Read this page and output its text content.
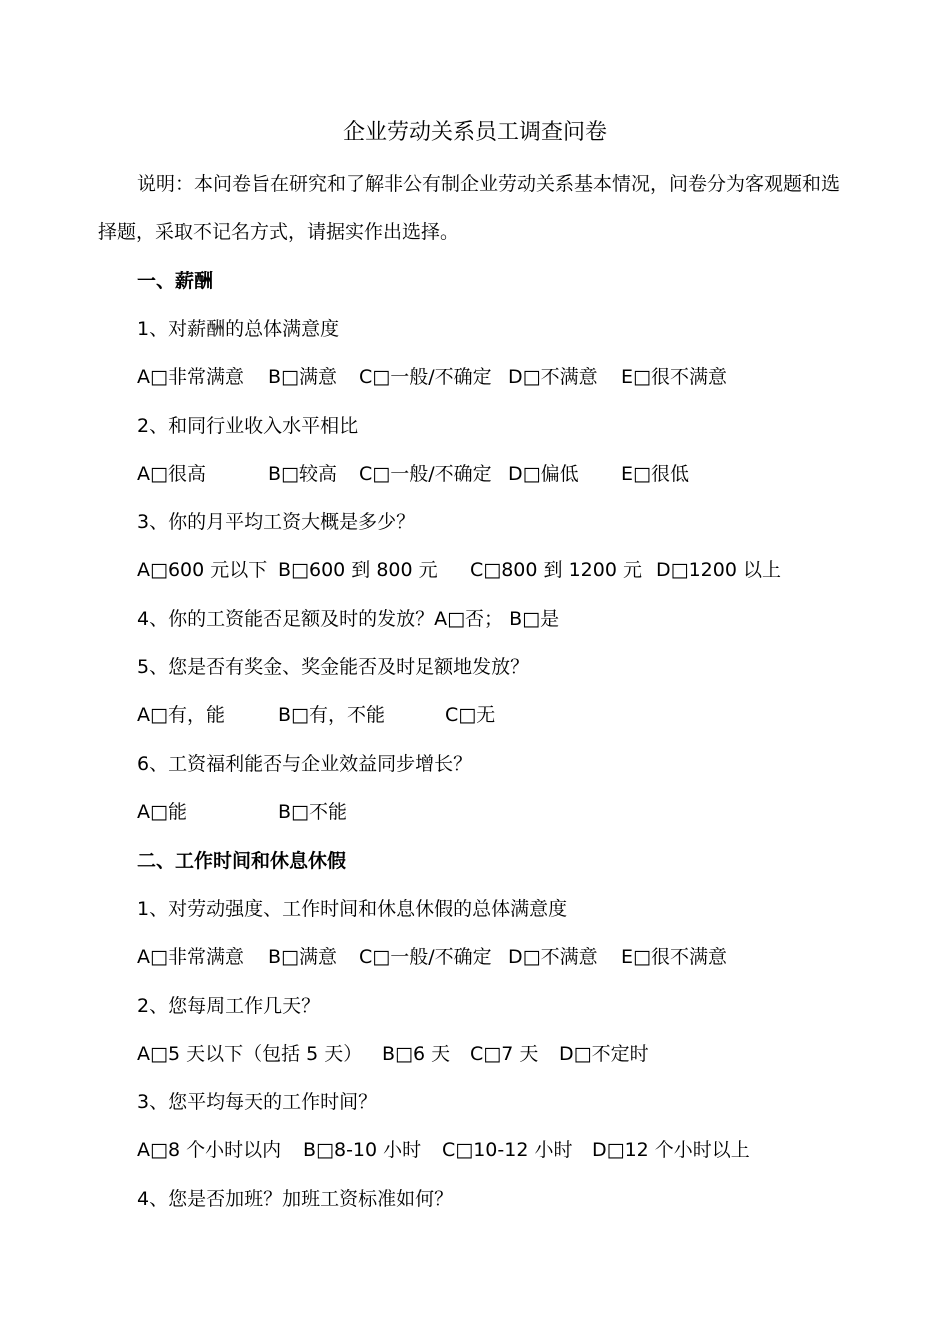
企业劳动关系员工调查问卷
说明：本问卷旨在研究和了解非公有制企业劳动关系基本情况，问卷分为客观题和选
择题，采取不记名方式，请据实作出选择。
一、薪酬
1、对薪酬的总体满意度
A□非常满意 B□满意 C□一般/不确定 D□不满意 E□很不满意
2、和同行业收入水平相比
A□很高	B□较高 C□一般/不确定 D□偏低 E□很低
3、你的月平均工资大概是多少？
A□600 元以下 B□600 到 800 元 C□800 到 1200 元 D□1200 以上
4、你的工资能否足额及时的发放？A□否； B□是
5、您是否有奖金、奖金能否及时足额地发放？
A□有，能	B□有，不能	C□无
6、工资福利能否与企业效益同步增长？
A□能	B□不能
二、工作时间和休息休假
1、对劳动强度、工作时间和休息休假的总体满意度
A□非常满意 B□满意 C□一般/不确定 D□不满意 E□很不满意
2、您每周工作几天？
A□5 天以下（包括 5 天） B□6 天 C□7 天 D□不定时
3、您平均每天的工作时间？
A□8 个小时以内 B□8-10 小时 C□10-12 小时 D□12 个小时以上
4、您是否加班？加班工资标准如何？
